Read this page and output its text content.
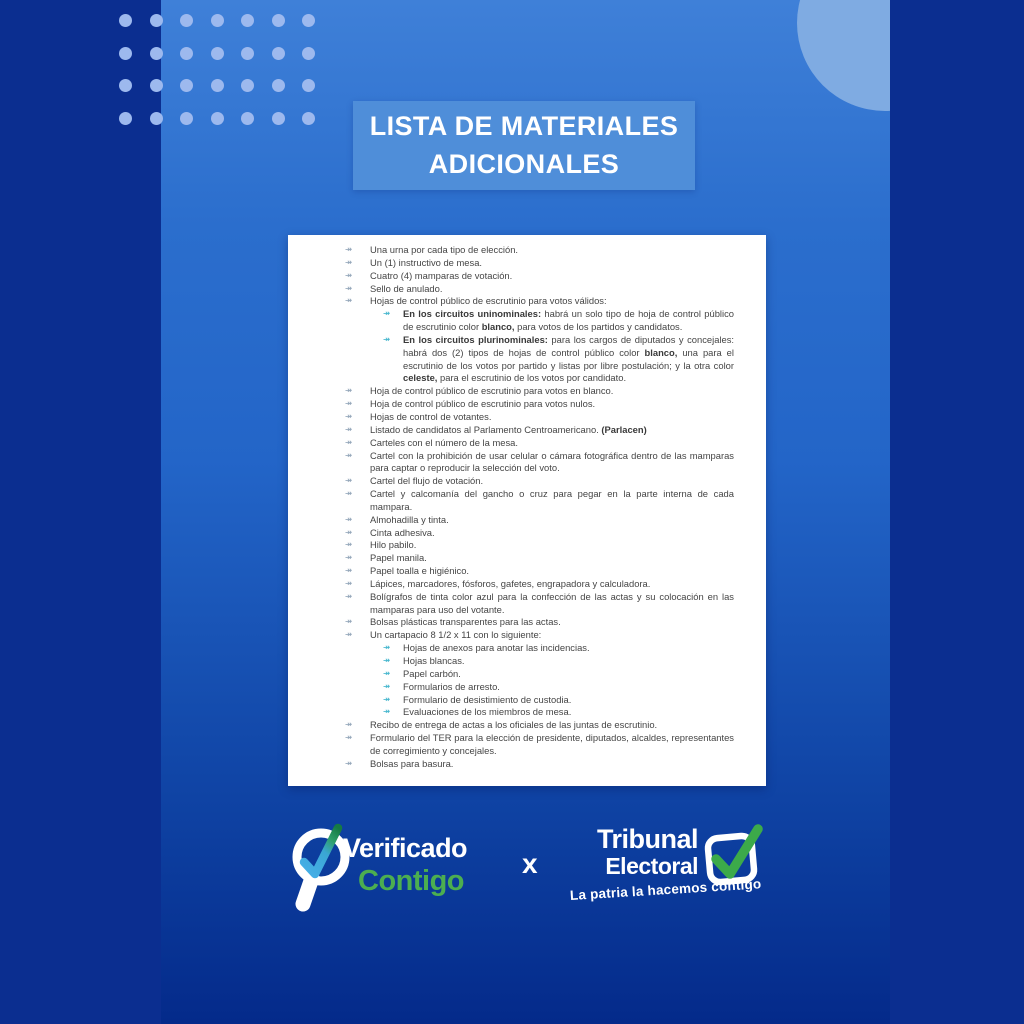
LISTA DE MATERIALES ADICIONALES
↠	Una urna por cada tipo de elección.
↠	Un (1) instructivo de mesa.
↠	Cuatro (4) mamparas de votación.
↠	Sello de anulado.
↠	Hojas de control público de escrutinio para votos válidos:
↠	En los circuitos uninominales: habrá un solo tipo de hoja de control público de escrutinio color blanco, para votos de los partidos y candidatos.
↠	En los circuitos plurinominales: para los cargos de diputados y concejales: habrá dos (2) tipos de hojas de control público color blanco, una para el escrutinio de los votos por partido y listas por libre postulación; y la otra color celeste, para el escrutinio de los votos por candidato.
↠	Hoja de control público de escrutinio para votos en blanco.
↠	Hoja de control público de escrutinio para votos nulos.
↠	Hojas de control de votantes.
↠	Listado de candidatos al Parlamento Centroamericano. (Parlacen)
↠	Carteles con el número de la mesa.
↠	Cartel con la prohibición de usar celular o cámara fotográfica dentro de las mamparas para captar o reproducir la selección del voto.
↠	Cartel del flujo de votación.
↠	Cartel y calcomanía del gancho o cruz para pegar en la parte interna de cada mampara.
↠	Almohadilla y tinta.
↠	Cinta adhesiva.
↠	Hilo pabilo.
↠	Papel manila.
↠	Papel toalla e higiénico.
↠	Lápices, marcadores, fósforos, gafetes, engrapadora y calculadora.
↠	Bolígrafos de tinta color azul para la confección de las actas y su colocación en las mamparas para uso del votante.
↠	Bolsas plásticas transparentes para las actas.
↠	Un cartapacio 8 1/2 x 11 con lo siguiente:
↠	Hojas de anexos para anotar las incidencias.
↠	Hojas blancas.
↠	Papel carbón.
↠	Formularios de arresto.
↠	Formulario de desistimiento de custodia.
↠	Evaluaciones de los miembros de mesa.
↠	Recibo de entrega de actas a los oficiales de las juntas de escrutinio.
↠	Formulario del TER para la elección de presidente, diputados, alcaldes, representantes de corregimiento y concejales.
↠	Bolsas para basura.
Verificado
Contigo
x
Tribunal
Electoral
La patria la hacemos contigo
